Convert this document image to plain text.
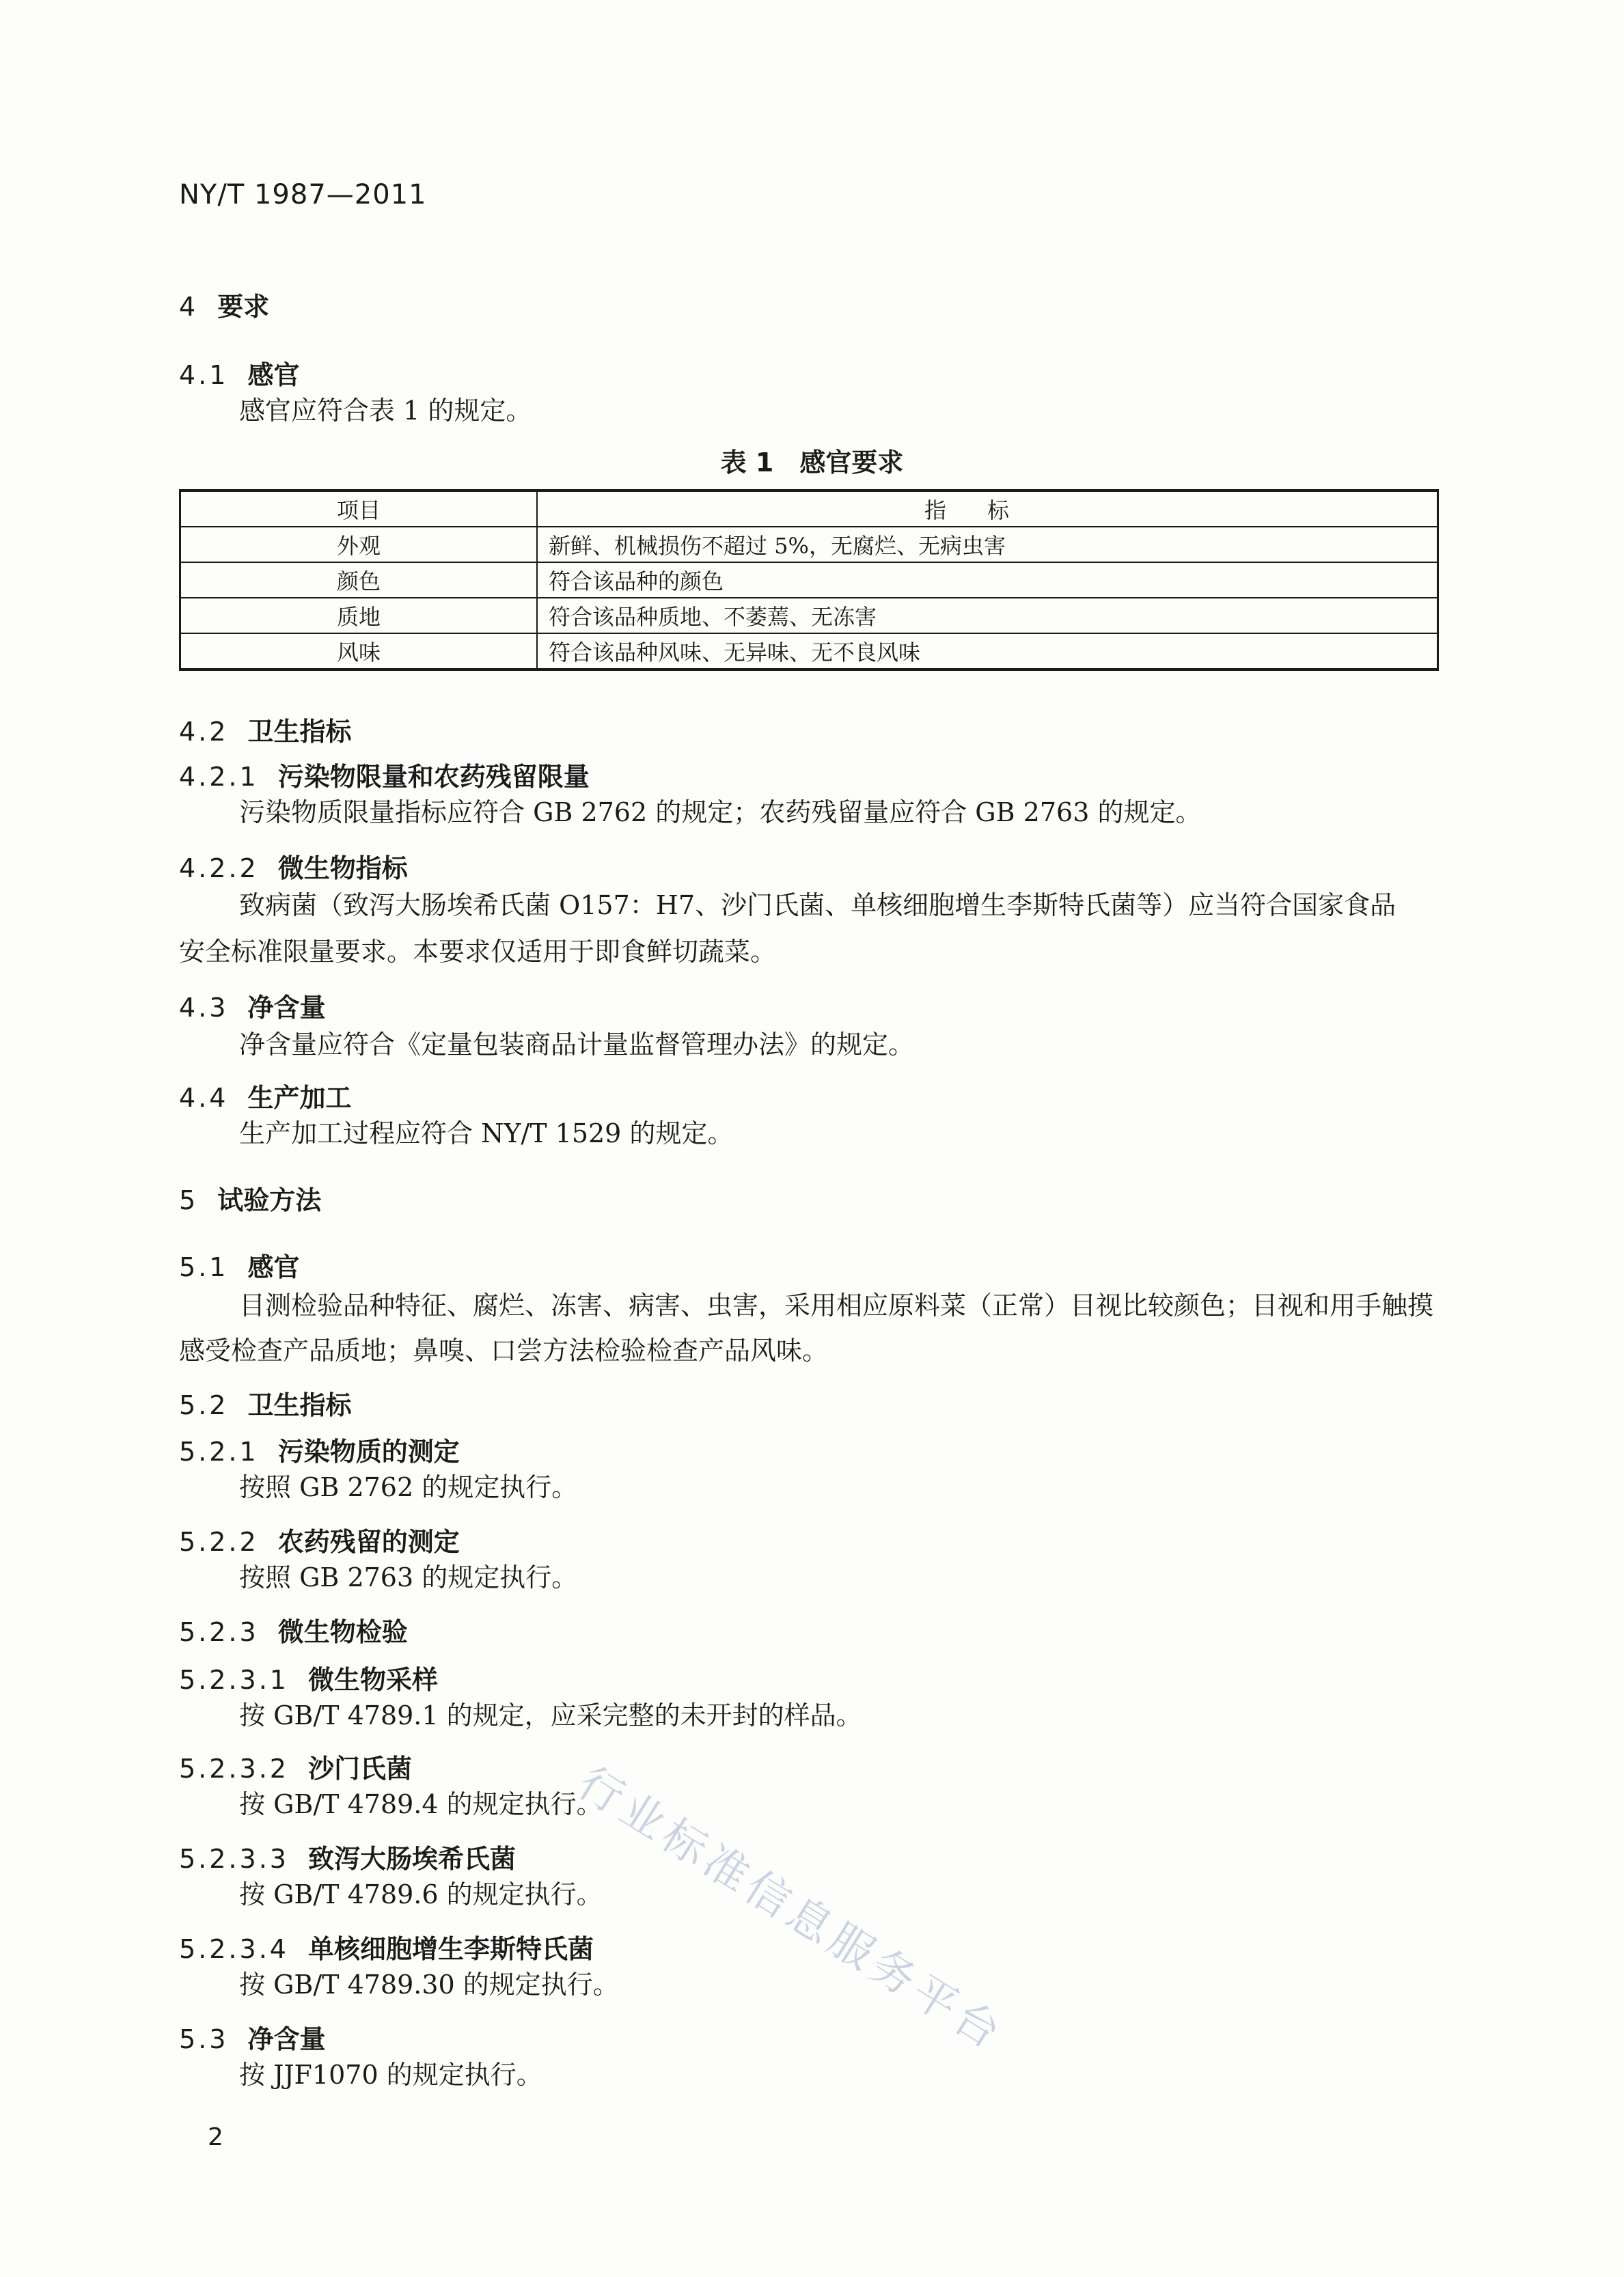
NY/T 1987—2011
4 要求
4.1 感官
感官应符合表 1 的规定。
表 1　感官要求
项目	指标
外观	新鲜、机械损伤不超过 5%，无腐烂、无病虫害
颜色	符合该品种的颜色
质地	符合该品种质地、不萎蔫、无冻害
风味	符合该品种风味、无异味、无不良风味
4.2 卫生指标
4.2.1 污染物限量和农药残留限量
污染物质限量指标应符合 GB 2762 的规定；农药残留量应符合 GB 2763 的规定。
4.2.2 微生物指标
致病菌（致泻大肠埃希氏菌 O157：H7、沙门氏菌、单核细胞增生李斯特氏菌等）应当符合国家食品
安全标准限量要求。本要求仅适用于即食鲜切蔬菜。
4.3 净含量
净含量应符合《定量包装商品计量监督管理办法》的规定。
4.4 生产加工
生产加工过程应符合 NY/T 1529 的规定。
5 试验方法
5.1 感官
目测检验品种特征、腐烂、冻害、病害、虫害，采用相应原料菜（正常）目视比较颜色；目视和用手触摸
感受检查产品质地；鼻嗅、口尝方法检验检查产品风味。
5.2 卫生指标
5.2.1 污染物质的测定
按照 GB 2762 的规定执行。
5.2.2 农药残留的测定
按照 GB 2763 的规定执行。
5.2.3 微生物检验
5.2.3.1 微生物采样
按 GB/T 4789.1 的规定，应采完整的未开封的样品。
5.2.3.2 沙门氏菌
按 GB/T 4789.4 的规定执行。
5.2.3.3 致泻大肠埃希氏菌
按 GB/T 4789.6 的规定执行。
5.2.3.4 单核细胞增生李斯特氏菌
按 GB/T 4789.30 的规定执行。
5.3 净含量
按 JJF1070 的规定执行。
行业标准信息服务平台
2
